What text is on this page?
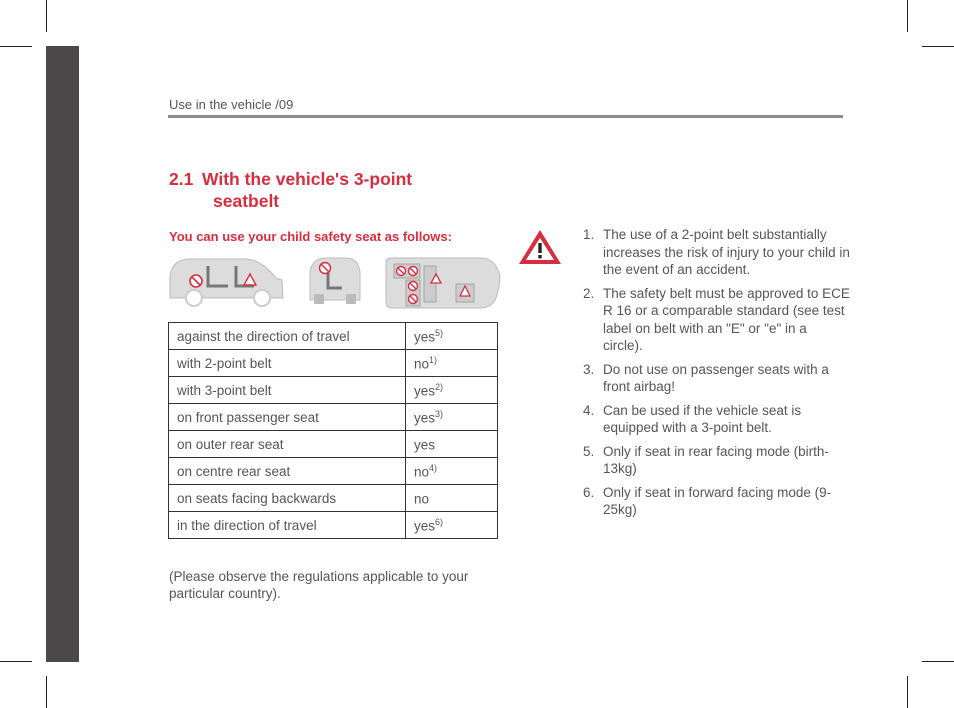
Use in the vehicle /09
2.1 With the vehicle's 3-point
seatbelt
You can use your child safety seat as follows:
against the direction of travel	yes$^{5)}$
with 2-point belt	$no^{1)}$
with 3-point belt	yes$^{2)}$
on front passenger seat	yes$^{3)}$
on outer rear seat	yes
on centre rear seat	$no^{4)}$
on seats facing backwards	no
in the direction of travel	yes$^{6)}$
(Please observe the regulations applicable to your particular country).
1. The use of a 2-point belt substantially increases the risk of injury to your child in the event of an accident.
2. The safety belt must be approved to ECE R 16 or a comparable standard (see test label on belt with an "E" or "e" in a circle).
3. Do not use on passenger seats with a front airbag!
4. Can be used if the vehicle seat is equipped with a 3-point belt.
5. Only if seat in rear facing mode (birth-13kg)
6. Only if seat in forward facing mode (9-25kg)
